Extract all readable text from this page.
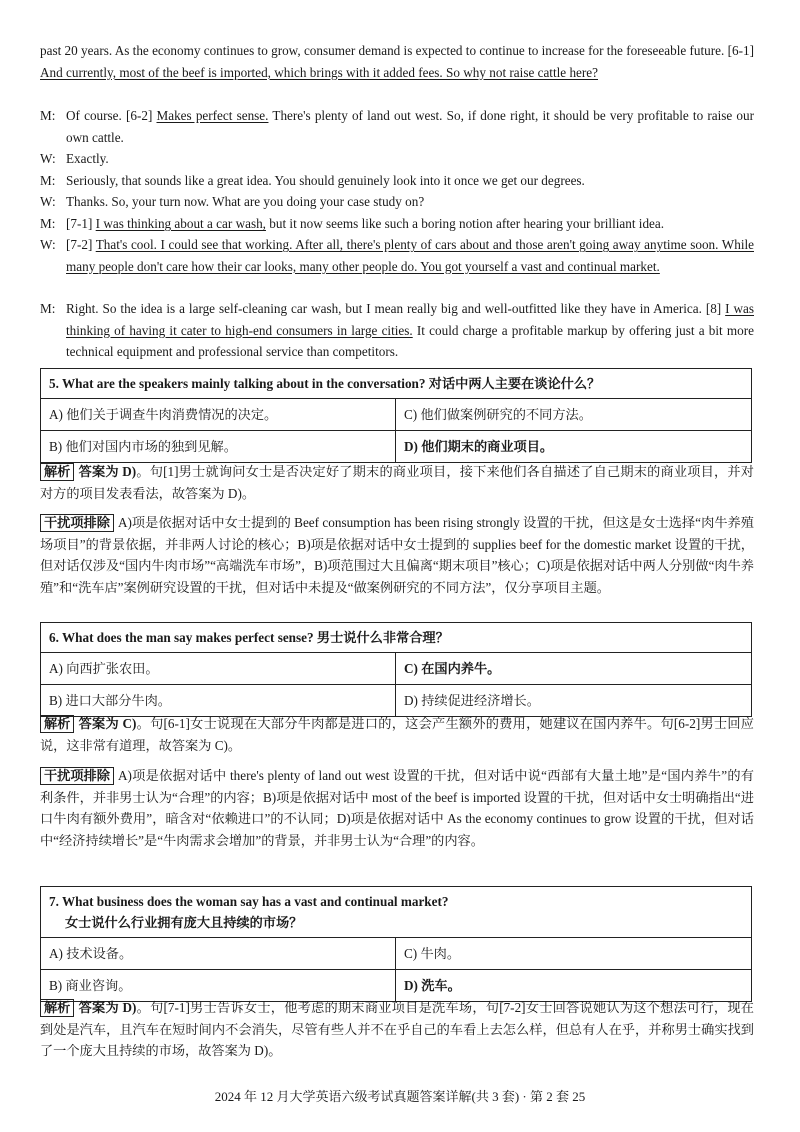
past 20 years. As the economy continues to grow, consumer demand is expected to continue to increase for the foreseeable future. [6-1] And currently, most of the beef is imported, which brings with it added fees. So why not raise cattle here?
M: Of course. [6-2] Makes perfect sense. There's plenty of land out west. So, if done right, it should be very profitable to raise our own cattle.
W: Exactly.
M: Seriously, that sounds like a great idea. You should genuinely look into it once we get our degrees.
W: Thanks. So, your turn now. What are you doing your case study on?
M: [7-1] I was thinking about a car wash, but it now seems like such a boring notion after hearing your brilliant idea.
W: [7-2] That's cool. I could see that working. After all, there's plenty of cars about and those aren't going away anytime soon. While many people don't care how their car looks, many other people do. You got yourself a vast and continual market.
M: Right. So the idea is a large self-cleaning car wash, but I mean really big and well-outfitted like they have in America. [8] I was thinking of having it cater to high-end consumers in large cities. It could charge a profitable markup by offering just a bit more technical equipment and professional service than competitors.
5. What are the speakers mainly talking about in the conversation? 对话中两人主要在谈论什么？
A) 他们关于调查牛肉消费情况的决定。	C) 他们做案例研究的不同方法。
B) 他们对国内市场的独到见解。	D) 他们期末的商业项目。
解析 答案为 D)。句[1]男士就询问女士是否决定好了期末的商业项目，接下来他们各自描述了自己期末的商业项目，并对对方的项目发表看法，故答案为 D)。
干扰项排除 A)项是依据对话中女士提到的 Beef consumption has been rising strongly 设置的干扰，但这是女士选择“肉牛养殖场项目”的背景依据，并非两人讨论的核心；B)项是依据对话中女士提到的 supplies beef for the domestic market 设置的干扰，但对话仅涉及“国内牛肉市场”“高端洗车市场”，B)项范围过大且偏离“期末项目”核心；C)项是依据对话中两人分别做“肉牛养殖”和“洗车店”案例研究设置的干扰，但对话中未提及“做案例研究的不同方法”，仅分享项目主题。
6. What does the man say makes perfect sense? 男士说什么非常合理？
A) 向西扩张农田。	C) 在国内养牛。
B) 进口大部分牛肉。	D) 持续促进经济增长。
解析 答案为 C)。句[6-1]女士说现在大部分牛肉都是进口的，这会产生额外的费用，她建议在国内养牛。句[6-2]男士回应说，这非常有道理，故答案为 C)。
干扰项排除 A)项是依据对话中 there's plenty of land out west 设置的干扰，但对话中说“西部有大量土地”是“国内养牛”的有利条件，并非男士认为“合理”的内容；B)项是依据对话中 most of the beef is imported 设置的干扰，但对话中女士明确指出“进口牛肉有额外费用”，暗含对“依赖进口”的不认同；D)项是依据对话中 As the economy continues to grow 设置的干扰，但对话中“经济持续增长”是“牛肉需求会增加”的背景，并非男士认为“合理”的内容。
7. What business does the woman say has a vast and continual market?
女士说什么行业拥有庞大且持续的市场？
A) 技术设备。	C) 牛肉。
B) 商业咨询。	D) 洗车。
解析 答案为 D)。句[7-1]男士告诉女士，他考虑的期末商业项目是洗车场，句[7-2]女士回答说她认为这个想法可行，现在到处是汽车，且汽车在短时间内不会消失，尽管有些人并不在乎自己的车看上去怎么样，但总有人在乎，并称男士确实找到了一个庞大且持续的市场，故答案为 D)。
2024 年 12 月大学英语六级考试真题答案详解(共 3 套) · 第 2 套 25
